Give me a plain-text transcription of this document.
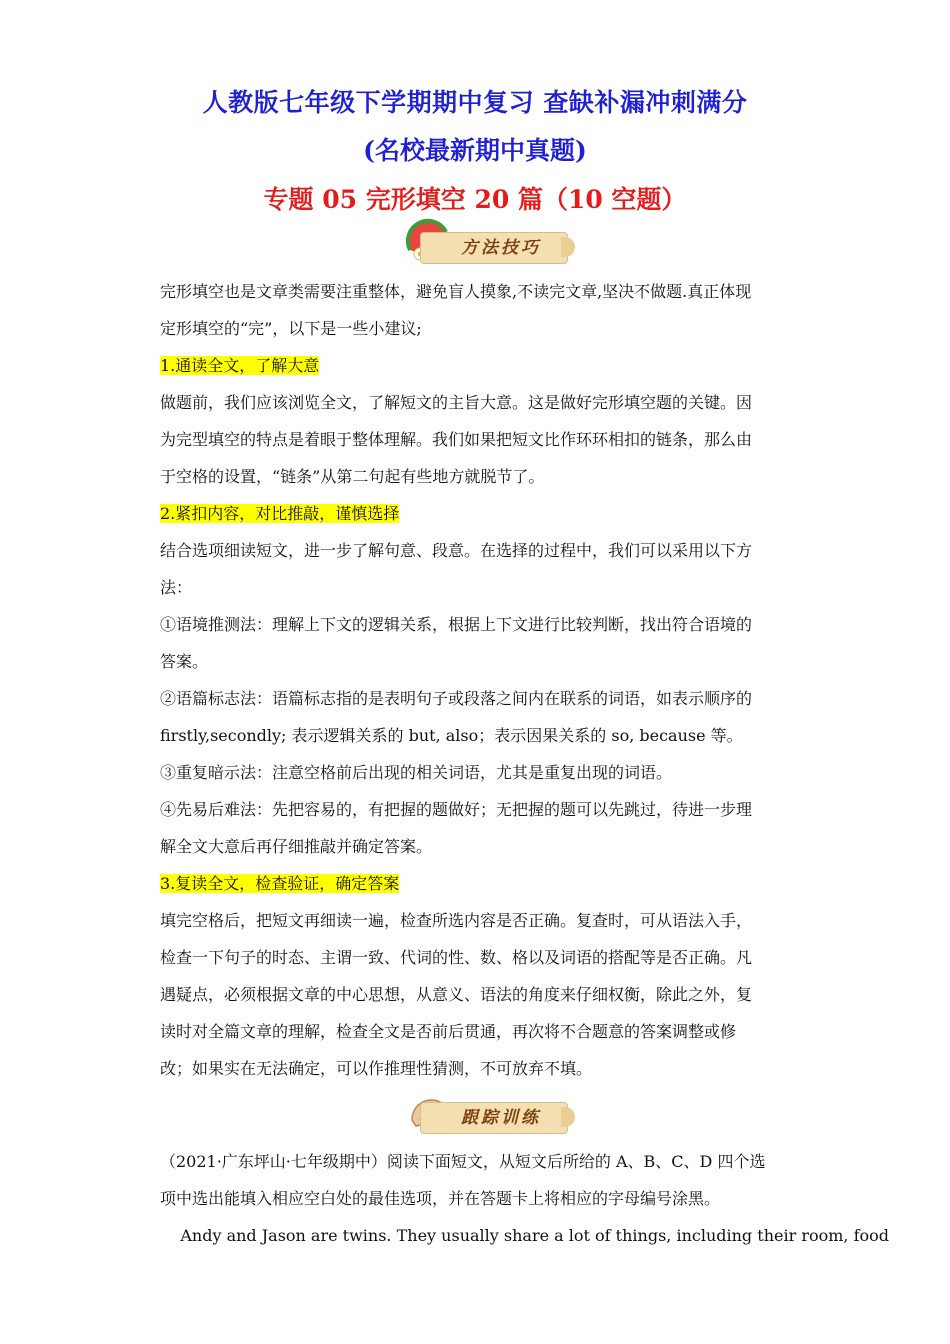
人教版七年级下学期期中复习 查缺补漏冲刺满分
(名校最新期中真题)
专题 05 完形填空 20 篇（10 空题）
方法技巧
完形填空也是文章类需要注重整体，避免盲人摸象,不读完文章,坚决不做题.真正体现
定形填空的“完”，以下是一些小建议;
1.通读全文，了解大意
做题前，我们应该浏览全文，了解短文的主旨大意。这是做好完形填空题的关键。因
为完型填空的特点是着眼于整体理解。我们如果把短文比作环环相扣的链条，那么由
于空格的设置，“链条”从第二句起有些地方就脱节了。
2.紧扣内容，对比推敲，谨慎选择
结合选项细读短文，进一步了解句意、段意。在选择的过程中，我们可以采用以下方
法：
①语境推测法：理解上下文的逻辑关系，根据上下文进行比较判断，找出符合语境的
答案。
②语篇标志法：语篇标志指的是表明句子或段落之间内在联系的词语，如表示顺序的
firstly,secondly; 表示逻辑关系的 but, also；表示因果关系的 so, because 等。
③重复暗示法：注意空格前后出现的相关词语，尤其是重复出现的词语。
④先易后难法：先把容易的，有把握的题做好；无把握的题可以先跳过，待进一步理
解全文大意后再仔细推敲并确定答案。
3.复读全文，检查验证，确定答案
填完空格后，把短文再细读一遍，检查所选内容是否正确。复查时，可从语法入手，
检查一下句子的时态、主谓一致、代词的性、数、格以及词语的搭配等是否正确。凡
遇疑点，必须根据文章的中心思想，从意义、语法的角度来仔细权衡，除此之外，复
读时对全篇文章的理解，检查全文是否前后贯通，再次将不合题意的答案调整或修
改；如果实在无法确定，可以作推理性猜测，不可放弃不填。
跟踪训练
（2021·广东坪山·七年级期中）阅读下面短文，从短文后所给的 A、B、C、D 四个选
项中选出能填入相应空白处的最佳选项，并在答题卡上将相应的字母编号涂黑。
Andy and Jason are twins. They usually share a lot of things, including their room, food
